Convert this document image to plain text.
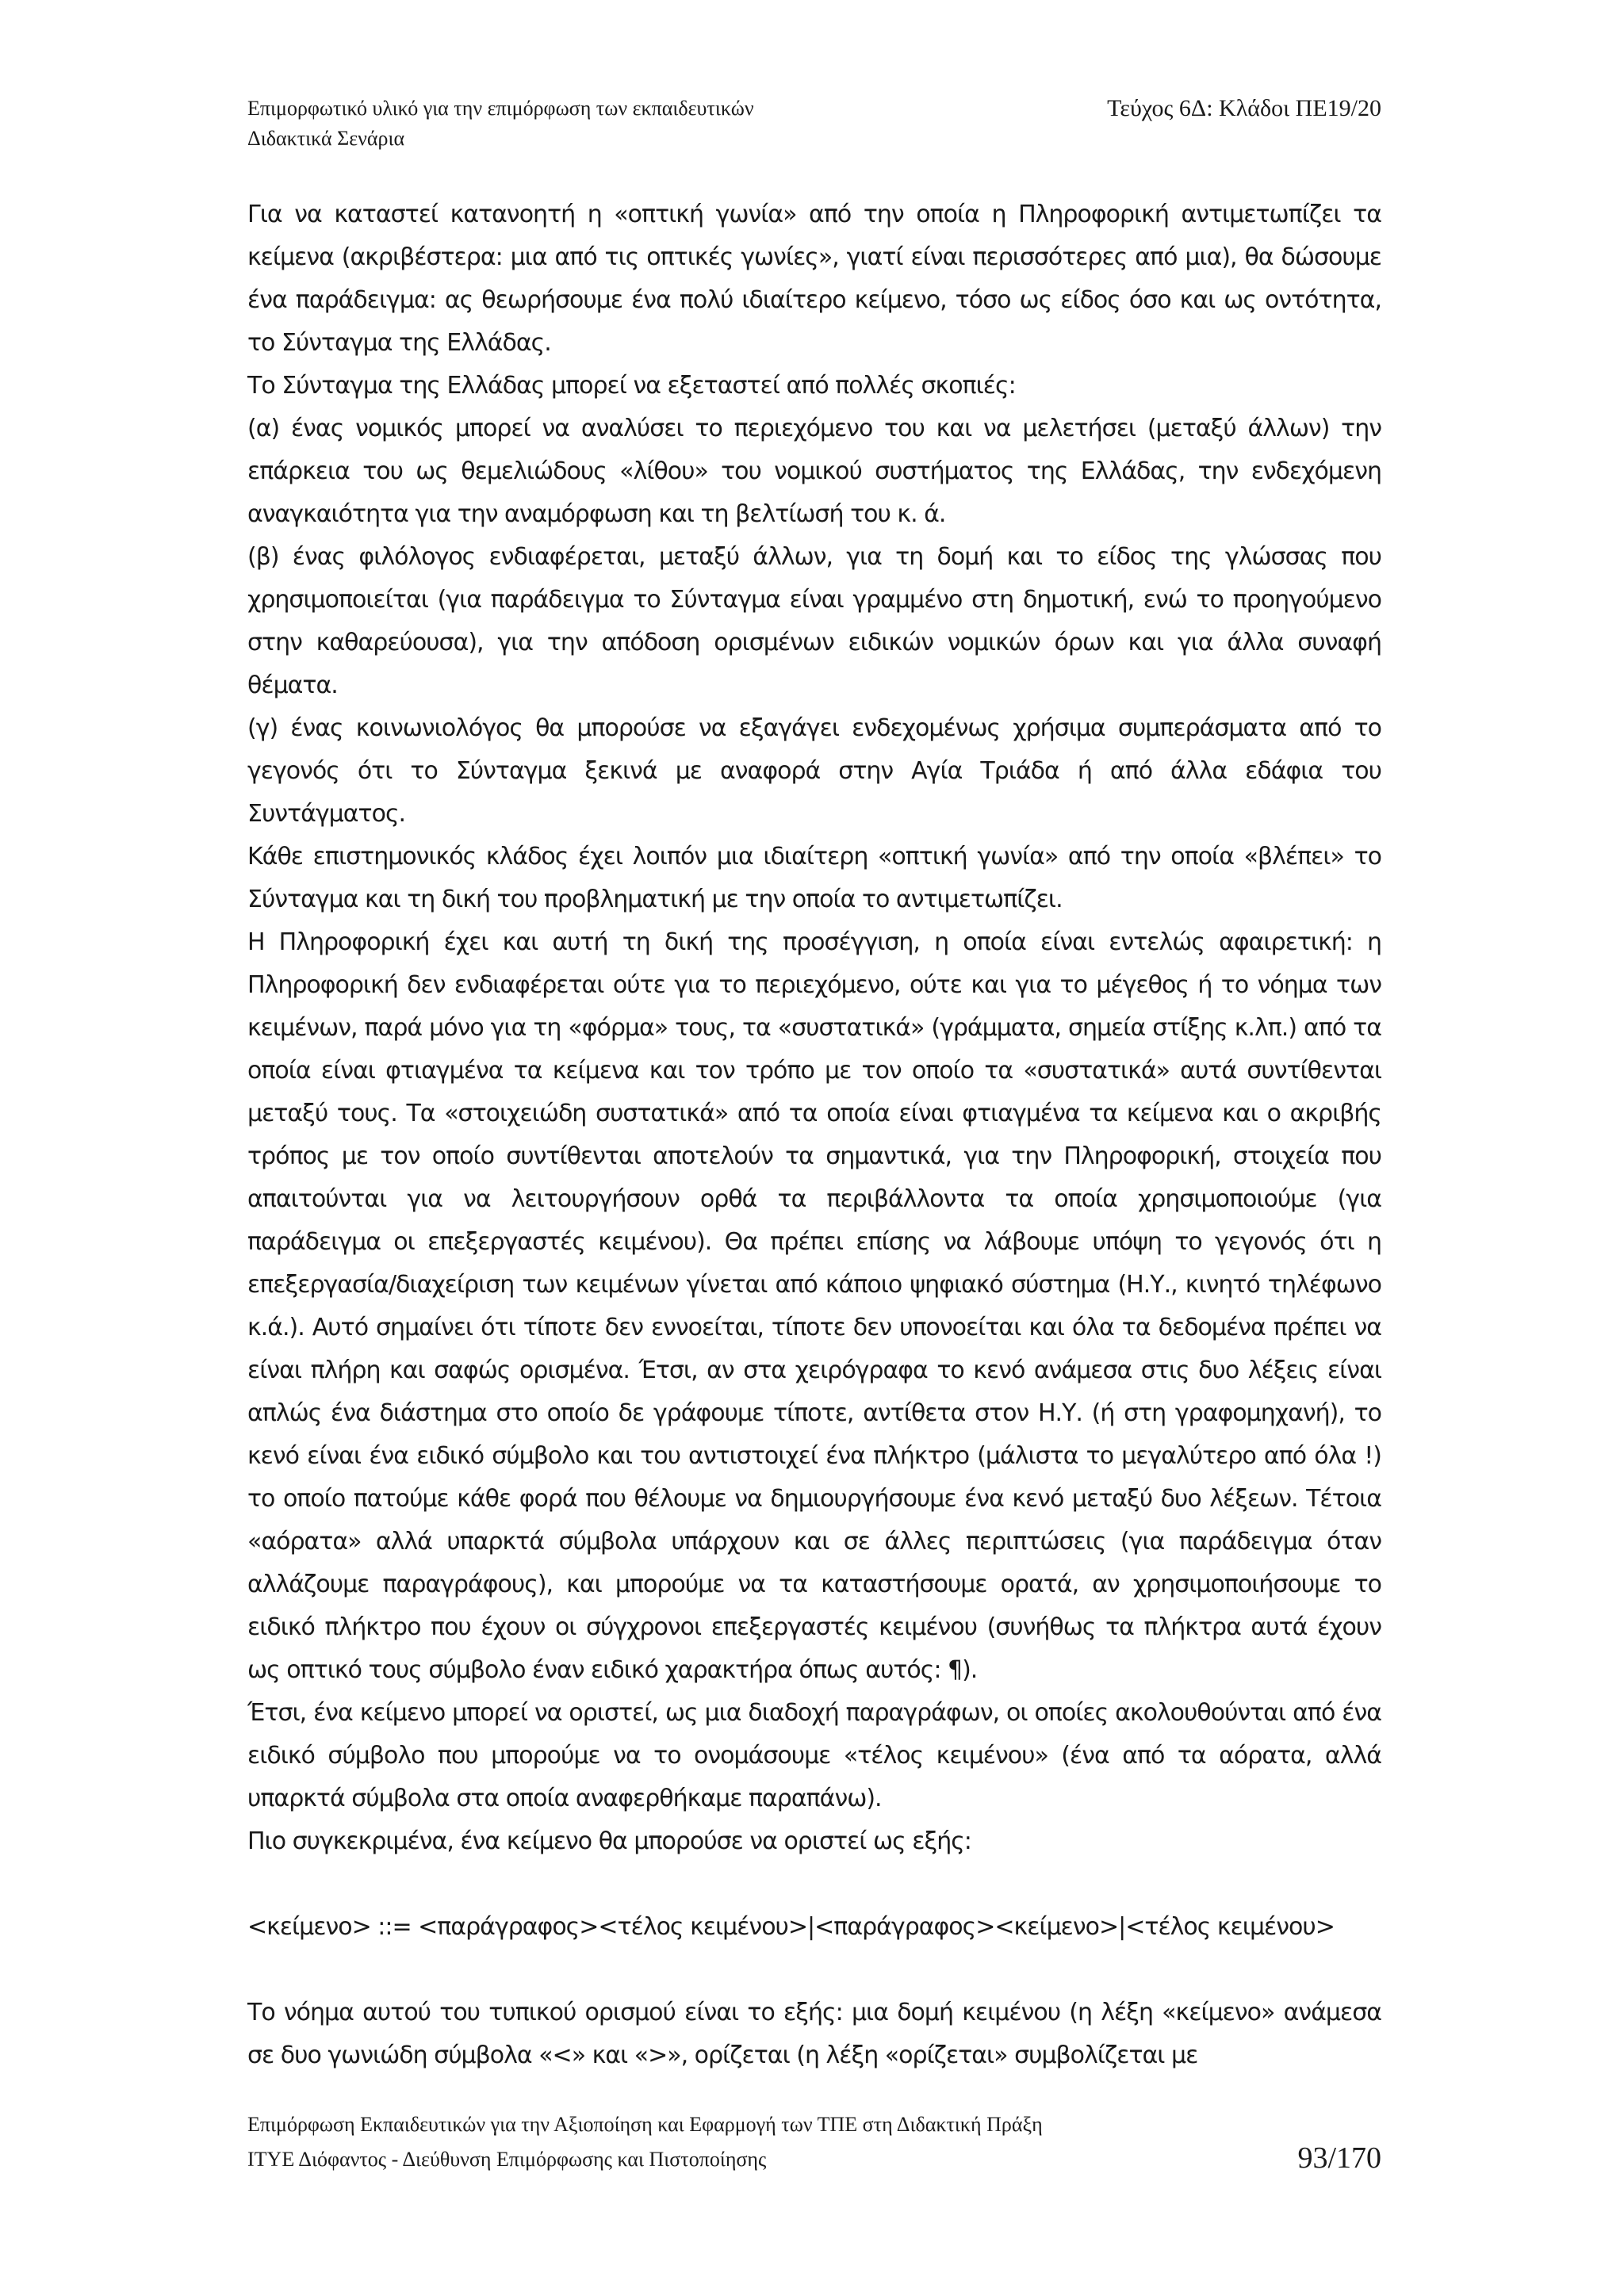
Επιμορφωτικό υλικό για την επιμόρφωση των εκπαιδευτικών	Τεύχος 6Δ: Κλάδοι ΠΕ19/20
Διδακτικά Σενάρια

Για να καταστεί κατανοητή η «οπτική γωνία» από την οποία η Πληροφορική αντιμετωπίζει τα κείμενα (ακριβέστερα: μια από τις οπτικές γωνίες», γιατί είναι περισσότερες από μια), θα δώσουμε ένα παράδειγμα: ας θεωρήσουμε ένα πολύ ιδιαίτερο κείμενο, τόσο ως είδος όσο και ως οντότητα, το Σύνταγμα της Ελλάδας.

Το Σύνταγμα της Ελλάδας μπορεί να εξεταστεί από πολλές σκοπιές:

(α) ένας νομικός μπορεί να αναλύσει το περιεχόμενο του και να μελετήσει (μεταξύ άλλων) την επάρκεια του ως θεμελιώδους «λίθου» του νομικού συστήματος της Ελλάδας, την ενδεχόμενη αναγκαιότητα για την αναμόρφωση και τη βελτίωσή του κ. ά.

(β) ένας φιλόλογος ενδιαφέρεται, μεταξύ άλλων, για τη δομή και το είδος της γλώσσας που χρησιμοποιείται (για παράδειγμα το Σύνταγμα είναι γραμμένο στη δημοτική, ενώ το προηγούμενο στην καθαρεύουσα), για την απόδοση ορισμένων ειδικών νομικών όρων και για άλλα συναφή θέματα.

(γ) ένας κοινωνιολόγος θα μπορούσε να εξαγάγει ενδεχομένως χρήσιμα συμπεράσματα από το γεγονός ότι το Σύνταγμα ξεκινά με αναφορά στην Αγία Τριάδα ή από άλλα εδάφια του Συντάγματος.

Κάθε επιστημονικός κλάδος έχει λοιπόν μια ιδιαίτερη «οπτική γωνία» από την οποία «βλέπει» το Σύνταγμα και τη δική του προβληματική με την οποία το αντιμετωπίζει.

Η Πληροφορική έχει και αυτή τη δική της προσέγγιση, η οποία είναι εντελώς αφαιρετική: η Πληροφορική δεν ενδιαφέρεται ούτε για το περιεχόμενο, ούτε και για το μέγεθος ή το νόημα των κειμένων, παρά μόνο για τη «φόρμα» τους, τα «συστατικά» (γράμματα, σημεία στίξης κ.λπ.) από τα οποία είναι φτιαγμένα τα κείμενα και τον τρόπο με τον οποίο τα «συστατικά» αυτά συντίθενται μεταξύ τους. Τα «στοιχειώδη συστατικά» από τα οποία είναι φτιαγμένα τα κείμενα και ο ακριβής τρόπος με τον οποίο συντίθενται αποτελούν τα σημαντικά, για την Πληροφορική, στοιχεία που απαιτούνται για να λειτουργήσουν ορθά τα περιβάλλοντα τα οποία χρησιμοποιούμε (για παράδειγμα οι επεξεργαστές κειμένου). Θα πρέπει επίσης να λάβουμε υπόψη το γεγονός ότι η επεξεργασία/διαχείριση των κειμένων γίνεται από κάποιο ψηφιακό σύστημα (Η.Υ., κινητό τηλέφωνο κ.ά.). Αυτό σημαίνει ότι τίποτε δεν εννοείται, τίποτε δεν υπονοείται και όλα τα δεδομένα πρέπει να είναι πλήρη και σαφώς ορισμένα. Έτσι, αν στα χειρόγραφα το κενό ανάμεσα στις δυο λέξεις είναι απλώς ένα διάστημα στο οποίο δε γράφουμε τίποτε, αντίθετα στον Η.Υ. (ή στη γραφομηχανή), το κενό είναι ένα ειδικό σύμβολο και του αντιστοιχεί ένα πλήκτρο (μάλιστα το μεγαλύτερο από όλα !) το οποίο πατούμε κάθε φορά που θέλουμε να δημιουργήσουμε ένα κενό μεταξύ δυο λέξεων. Τέτοια «αόρατα» αλλά υπαρκτά σύμβολα υπάρχουν και σε άλλες περιπτώσεις (για παράδειγμα όταν αλλάζουμε παραγράφους), και μπορούμε να τα καταστήσουμε ορατά, αν χρησιμοποιήσουμε το ειδικό πλήκτρο που έχουν οι σύγχρονοι επεξεργαστές κειμένου (συνήθως τα πλήκτρα αυτά έχουν ως οπτικό τους σύμβολο έναν ειδικό χαρακτήρα όπως αυτός: ¶).

Έτσι, ένα κείμενο μπορεί να οριστεί, ως μια διαδοχή παραγράφων, οι οποίες ακολουθούνται από ένα ειδικό σύμβολο που μπορούμε να το ονομάσουμε «τέλος κειμένου» (ένα από τα αόρατα, αλλά υπαρκτά σύμβολα στα οποία αναφερθήκαμε παραπάνω).

Πιο συγκεκριμένα, ένα κείμενο θα μπορούσε να οριστεί ως εξής:

<κείμενο> ::= <παράγραφος><τέλος κειμένου>|<παράγραφος><κείμενο>|<τέλος κειμένου>

Το νόημα αυτού του τυπικού ορισμού είναι το εξής: μια δομή κειμένου (η λέξη «κείμενο» ανάμεσα σε δυο γωνιώδη σύμβολα «<» και «>», ορίζεται (η λέξη «ορίζεται» συμβολίζεται με

Επιμόρφωση Εκπαιδευτικών για την Αξιοποίηση και Εφαρμογή των ΤΠΕ στη Διδακτική Πράξη
ΙΤΥΕ Διόφαντος - Διεύθυνση Επιμόρφωσης και Πιστοποίησης	93/170
